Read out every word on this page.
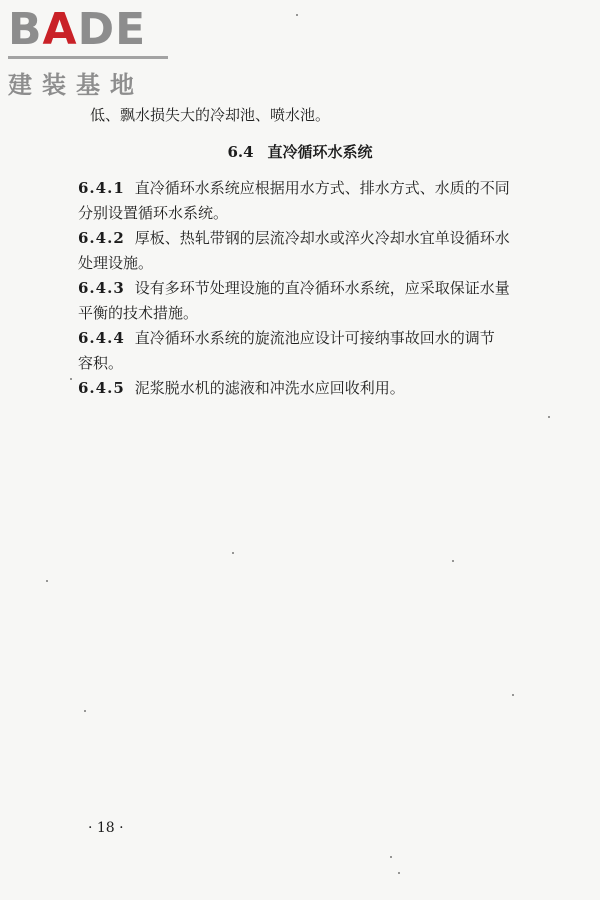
BADE
建装基地
低、飘水损失大的冷却池、喷水池。
6.4 直冷循环水系统
6.4.1 直冷循环水系统应根据用水方式、排水方式、水质的不同
分别设置循环水系统。
6.4.2 厚板、热轧带钢的层流冷却水或淬火冷却水宜单设循环水
处理设施。
6.4.3 设有多环节处理设施的直冷循环水系统，应采取保证水量
平衡的技术措施。
6.4.4 直冷循环水系统的旋流池应设计可接纳事故回水的调节
容积。
6.4.5 泥浆脱水机的滤液和冲洗水应回收利用。
· 18 ·
